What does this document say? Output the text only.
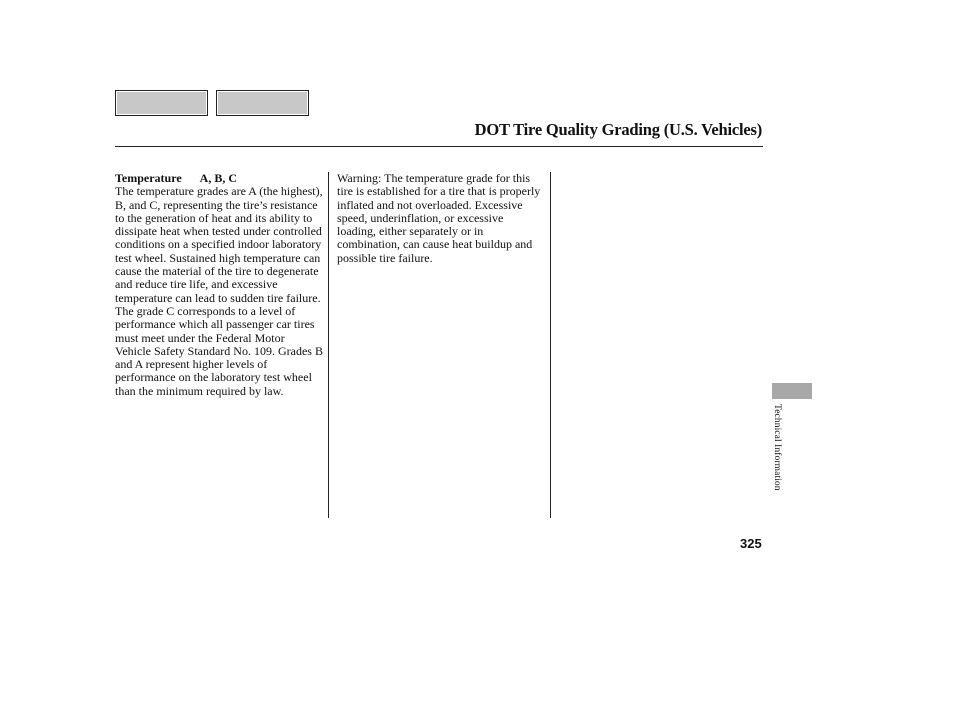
DOT Tire Quality Grading (U.S. Vehicles)
Temperature A, B, C
The temperature grades are A (the highest), B, and C, representing the tire’s resistance to the generation of heat and its ability to dissipate heat when tested under controlled conditions on a specified indoor laboratory test wheel. Sustained high temperature can cause the material of the tire to degenerate and reduce tire life, and excessive temperature can lead to sudden tire failure. The grade C corresponds to a level of performance which all passenger car tires must meet under the Federal Motor Vehicle Safety Standard No. 109. Grades B and A represent higher levels of performance on the laboratory test wheel than the minimum required by law.
Warning: The temperature grade for this tire is established for a tire that is properly inflated and not overloaded. Excessive speed, underinflation, or excessive loading, either separately or in combination, can cause heat buildup and possible tire failure.
Technical Information
325
